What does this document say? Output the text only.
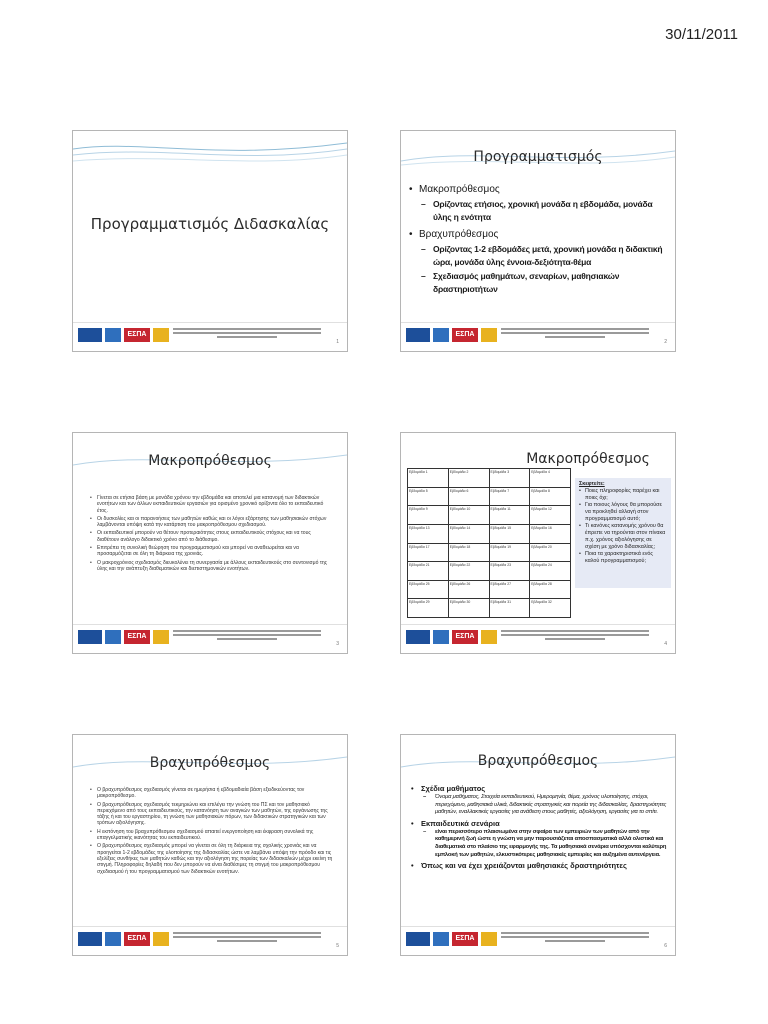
30/11/2011
Προγραμματισμός Διδασκαλίας
ΕΣΠΑ
1
Προγραμματισμός
• Μακροπρόθεσμος
– Ορίζοντας ετήσιος, χρονική μονάδα η εβδομάδα, μονάδα ύλης η ενότητα
• Βραχυπρόθεσμος
– Ορίζοντας 1-2 εβδομάδες μετά, χρονική μονάδα η διδακτική ώρα, μονάδα ύλης έννοια-δεξιότητα-θέμα
– Σχεδιασμός μαθημάτων, σεναρίων, μαθησιακών δραστηριοτήτων
ΕΣΠΑ
2
Μακροπρόθεσμος
• Γίνεται σε ετήσια βάση με μονάδα χρόνου την εβδομάδα και αποτελεί μια κατανομή των διδακτικών ενοτήτων και των άλλων εκπαιδευτικών εργασιών για ορισμένο χρονικό ορίζοντα όλο το εκπαιδευτικό έτος.
• Οι δυσκολίες και οι παρανοήσεις των μαθητών καθώς και οι λόγοι εξάρτησης των μαθησιακών στόχων λαμβάνονται υπόψη κατά την κατάρτιση του μακροπρόθεσμου σχεδιασμού.
• Οι εκπαιδευτικοί μπορούν να θέτουν προτεραιότητες στους εκπαιδευτικούς στόχους και να τους διαθέτουν ανάλογο διδακτικό χρόνο από το διάθεσιμο.
• Επιτρέπει τη συνολική θεώρηση του προγραμματισμού και μπορεί να αναθεωρείται και να προσαρμόζεται σε όλη τη διάρκεια της χρονιάς.
• Ο μακροχρόνιος σχεδιασμός διευκολύνει τη συνεργασία με άλλους εκπαιδευτικούς στο συντονισμό της ύλης και την ανάπτυξη διαθεματικών και διεπιστημονικών ενοτήτων.
ΕΣΠΑ
3
Μακροπρόθεσμος
Εβδομάδα 1	Εβδομάδα 2	Εβδομάδα 3	Εβδομάδα 4
Εβδομάδα 5	Εβδομάδα 6	Εβδομάδα 7	Εβδομάδα 8
Εβδομάδα 9	Εβδομάδα 10	Εβδομάδα 11	Εβδομάδα 12
Εβδομάδα 13	Εβδομάδα 14	Εβδομάδα 15	Εβδομάδα 16
Εβδομάδα 17	Εβδομάδα 18	Εβδομάδα 19	Εβδομάδα 20
Εβδομάδα 21	Εβδομάδα 22	Εβδομάδα 23	Εβδομάδα 24
Εβδομάδα 25	Εβδομάδα 26	Εβδομάδα 27	Εβδομάδα 28
Εβδομάδα 29	Εβδομάδα 30	Εβδομάδα 31	Εβδομάδα 32
Σκεφτείτε:
• Ποιες πληροφορίες παρέχει και ποιες όχι;
• Για ποιους λόγους θα μπορούσε να προκληθεί αλλαγή στον προγραμματισμό αυτό;
• Τι κανόνες κατανομής χρόνου θα έπρεπε να τηρούνται στον πίνακα π.χ. χρόνος αξιολόγησης σε σχέση με χρόνο διδασκαλίας;
• Ποια τα χαρακτηριστικά ενός καλού προγραμματισμού;
ΕΣΠΑ
4
Βραχυπρόθεσμος
• Ο βραχυπρόθεσμος σχεδιασμός γίνεται σε ημερήσια ή εβδομαδιαία βάση εξειδικεύοντας τον μακροπρόθεσμο.
• Ο βραχυπρόθεσμος σχεδιασμός τεκμηριώνει και επιλέγει την γνώση του ΠΣ και τον μαθησιακό περιεχόμενο από τους εκπαιδευτικούς, την κατανόηση των αναγκών των μαθητών, της οργάνωσης της τάξης ή και του εργαστηρίου, τη γνώση των μαθησιακών πόρων, των διδακτικών στρατηγικών και των τρόπων αξιολόγησης.
• Η εκπόνηση του βραχυπρόθεσμου σχεδιασμού απαιτεί ενεργοποίηση και έκφραση συνολικά της επαγγελματικής ικανότητας του εκπαιδευτικού.
• Ο βραχυπρόθεσμος σχεδιασμός μπορεί να γίνεται σε όλη τη διάρκεια της σχολικής χρονιάς και να προηγείται 1-2 εβδομάδες της υλοποίησης της διδασκαλίας ώστε να λαμβάνει υπόψη την πρόοδο και τις εξελίξεις συνθήκες των μαθητών καθώς και την αξιολόγηση της πορείας των διδασκαλιών μέχρι εκείνη τη στιγμή. Πληροφορίες δηλαδή που δεν μπορούν να είναι διαθέσιμες τη στιγμή του μακροπρόθεσμου σχεδιασμού ή του προγραμματισμού των διδακτικών ενοτήτων.
ΕΣΠΑ
5
Βραχυπρόθεσμος
• Σχέδια μαθήματος
– Όνομα μαθήματος, Στοιχεία εκπαιδευτικού, Ημερομηνία, θέμα, χρόνος υλοποίησης, στόχοι, περιεχόμενο, μαθησιακά υλικά, διδακτικές στρατηγικές και πορεία της διδασκαλίας, δραστηριότητες μαθητών, εναλλακτικές εργασίες για ανάθεση στους μαθητές, αξιολόγηση, εργασίες για το σπίτι.
• Εκπαιδευτικά σενάρια
– είναι περισσότερο πλαισιωμένα στην σφαίρα των εμπειριών των μαθητών από την καθημερινή ζωή ώστε η γνώση να μην παρουσιάζεται αποσπασματικά αλλά ολιστικά και διαθεματικά στο πλαίσιο της εφαρμογής της. Τα μαθησιακά σενάρια υπόσχονται καλύτερη εμπλοκή των μαθητών, ελκυστικότερες μαθησιακές εμπειρίες και αυξημένα αυτενέργεια.
• Όπως και να έχει χρειάζονται μαθησιακές δραστηριότητες
ΕΣΠΑ
6
